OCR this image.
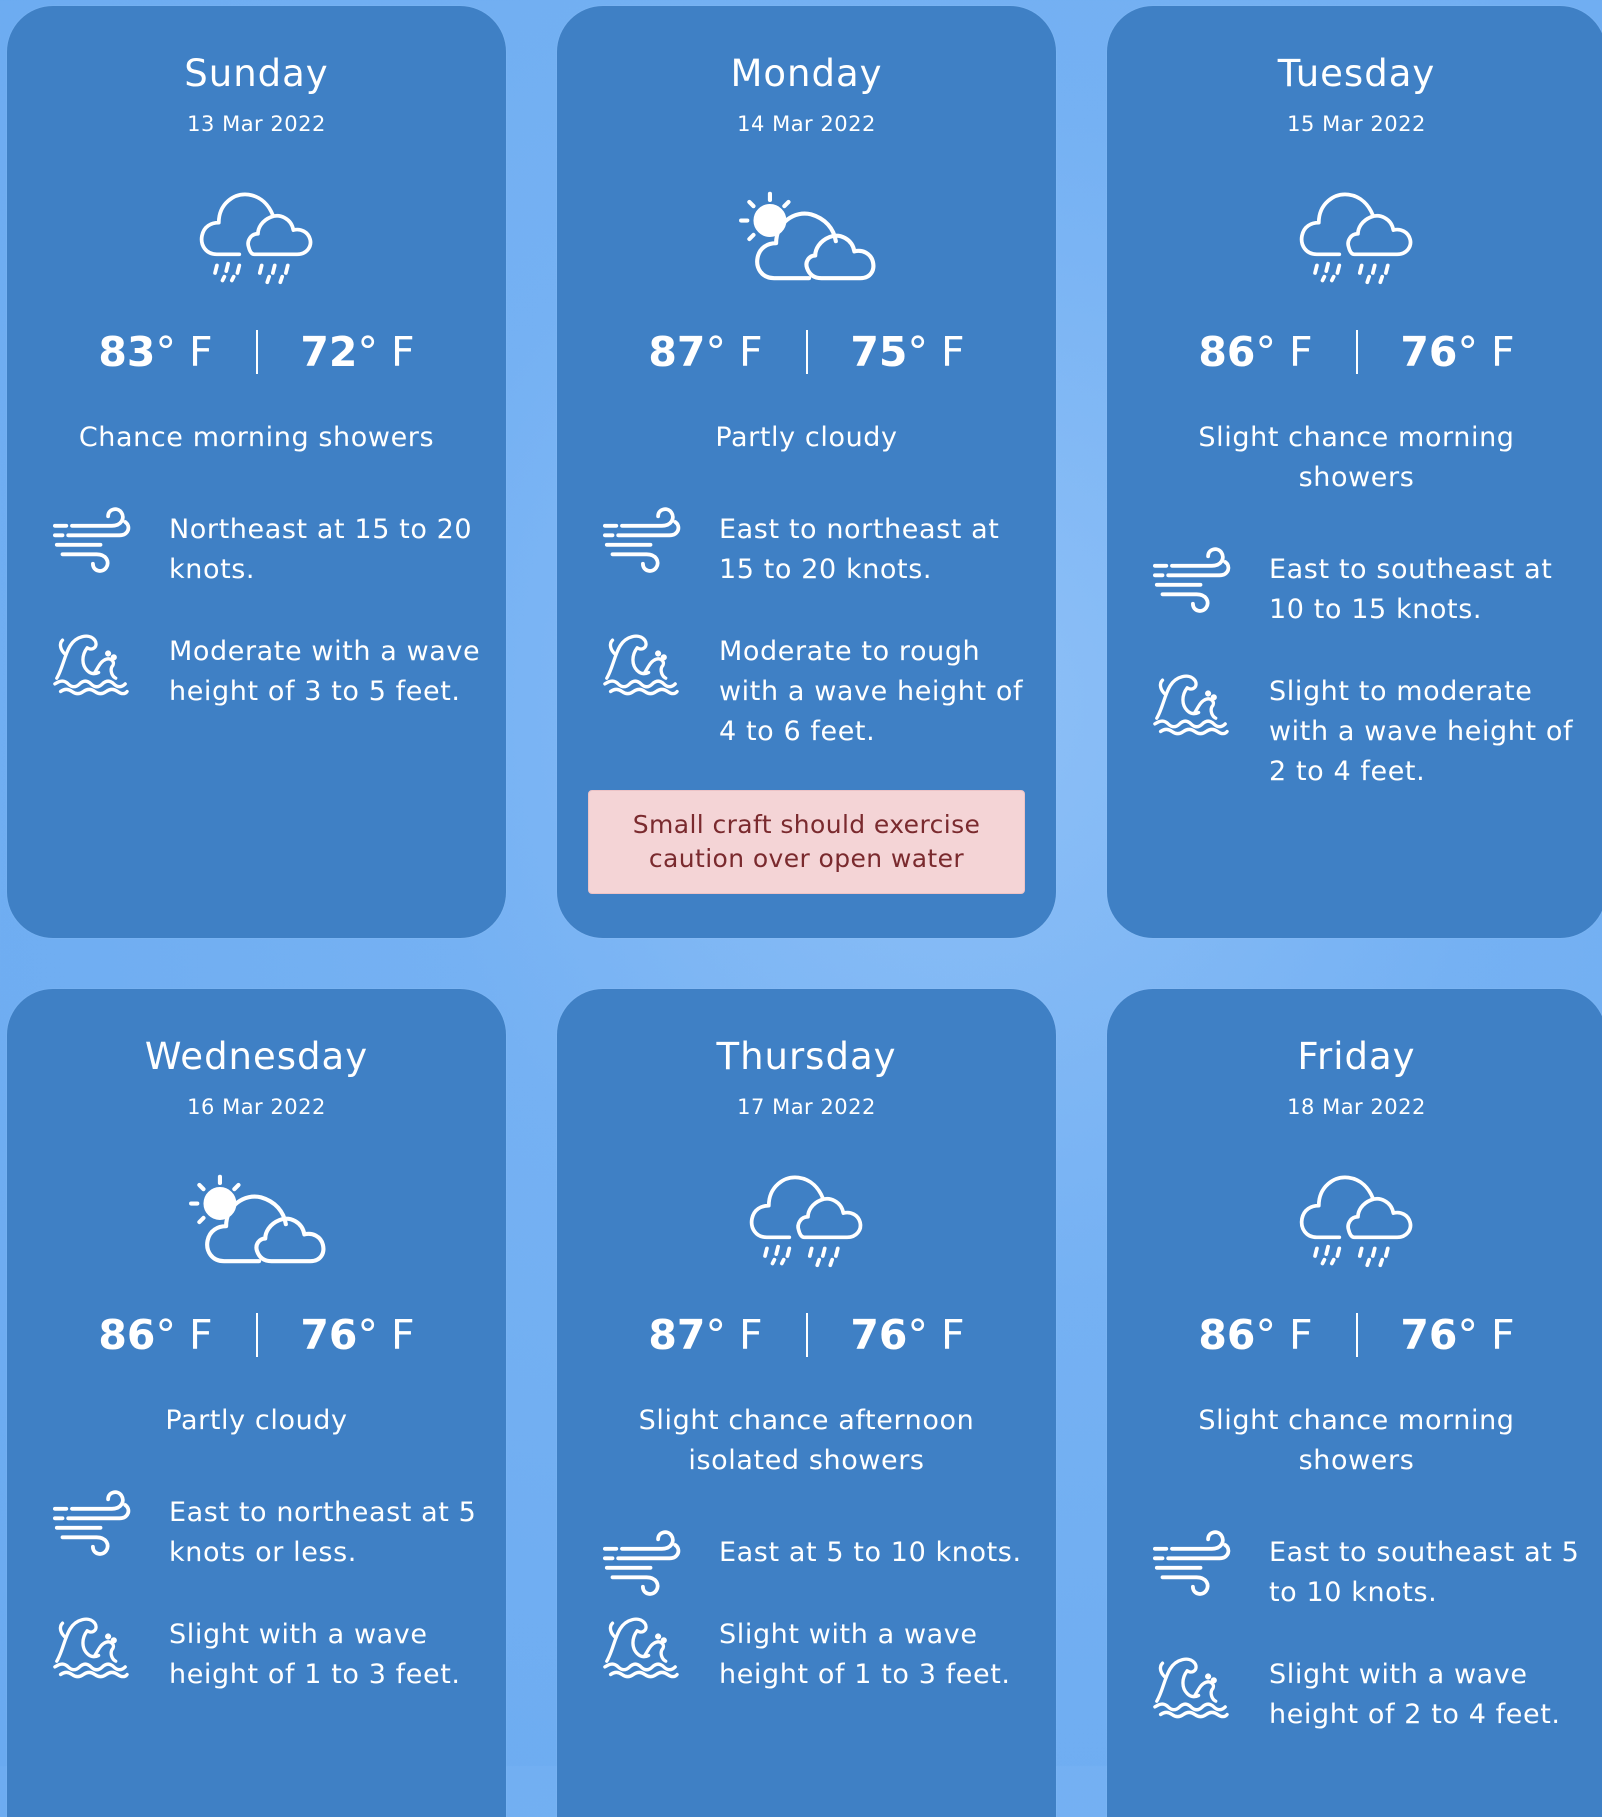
Sunday
13 Mar 2022
83° F	72° F
Chance morning showers
Northeast at 15 to 20 knots.
Moderate with a wave height of 3 to 5 feet.
Monday
14 Mar 2022
87° F	75° F
Partly cloudy
East to northeast at 15 to 20 knots.
Moderate to rough with a wave height of 4 to 6 feet.
Small craft should exercise caution over open water
Tuesday
15 Mar 2022
86° F	76° F
Slight chance morning showers
East to southeast at 10 to 15 knots.
Slight to moderate with a wave height of 2 to 4 feet.
Wednesday
16 Mar 2022
86° F	76° F
Partly cloudy
East to northeast at 5 knots or less.
Slight with a wave height of 1 to 3 feet.
Thursday
17 Mar 2022
87° F	76° F
Slight chance afternoon isolated showers
East at 5 to 10 knots.
Slight with a wave height of 1 to 3 feet.
Friday
18 Mar 2022
86° F	76° F
Slight chance morning showers
East to southeast at 5 to 10 knots.
Slight with a wave height of 2 to 4 feet.
